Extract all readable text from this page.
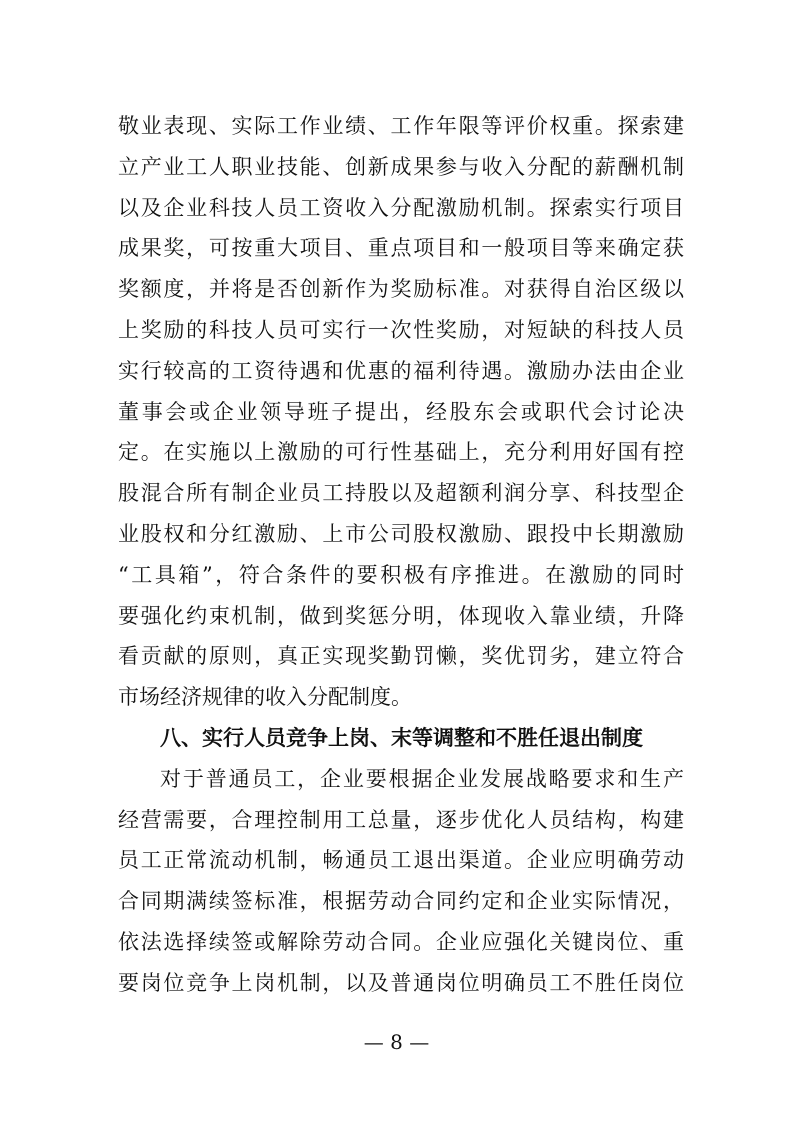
敬业表现、实际工作业绩、工作年限等评价权重。探索建
立产业工人职业技能、创新成果参与收入分配的薪酬机制
以及企业科技人员工资收入分配激励机制。探索实行项目
成果奖，可按重大项目、重点项目和一般项目等来确定获
奖额度，并将是否创新作为奖励标准。对获得自治区级以
上奖励的科技人员可实行一次性奖励，对短缺的科技人员
实行较高的工资待遇和优惠的福利待遇。激励办法由企业
董事会或企业领导班子提出，经股东会或职代会讨论决
定。在实施以上激励的可行性基础上，充分利用好国有控
股混合所有制企业员工持股以及超额利润分享、科技型企
业股权和分红激励、上市公司股权激励、跟投中长期激励
“工具箱”，符合条件的要积极有序推进。在激励的同时
要强化约束机制，做到奖惩分明，体现收入靠业绩，升降
看贡献的原则，真正实现奖勤罚懒，奖优罚劣，建立符合
市场经济规律的收入分配制度。
八、实行人员竞争上岗、末等调整和不胜任退出制度
对于普通员工，企业要根据企业发展战略要求和生产
经营需要，合理控制用工总量，逐步优化人员结构，构建
员工正常流动机制，畅通员工退出渠道。企业应明确劳动
合同期满续签标准，根据劳动合同约定和企业实际情况，
依法选择续签或解除劳动合同。企业应强化关键岗位、重
要岗位竞争上岗机制，以及普通岗位明确员工不胜任岗位
— 8 —
